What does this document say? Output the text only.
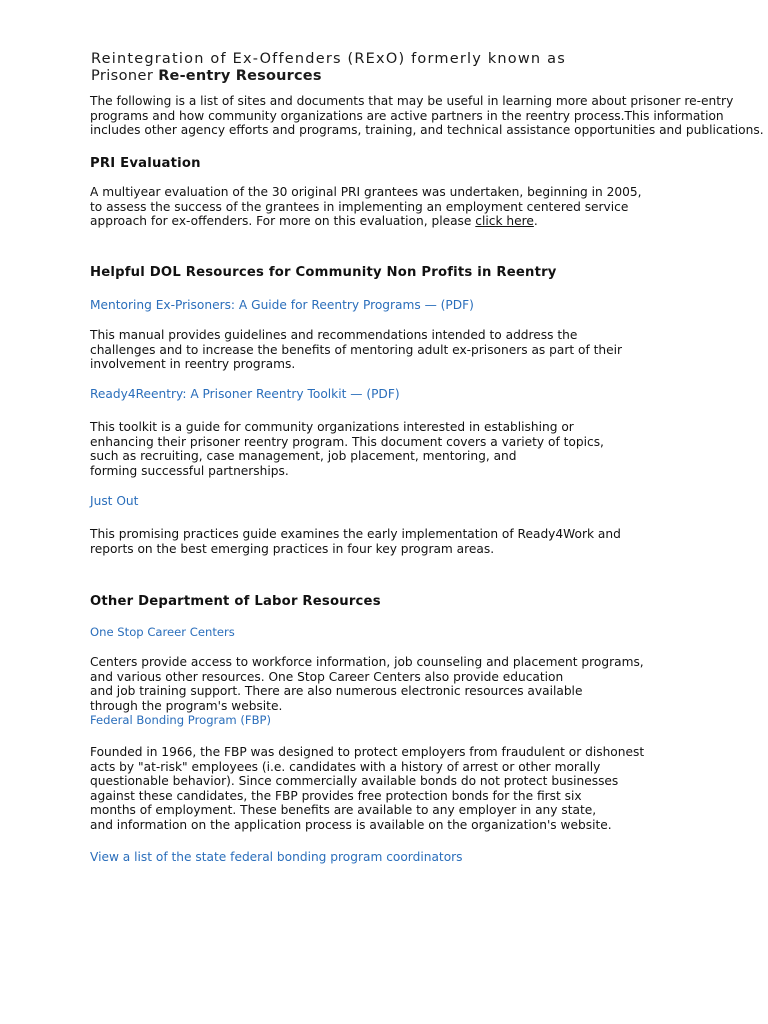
Reintegration of Ex-Offenders (RExO) formerly known as
Prisoner Re-entry Resources
The following is a list of sites and documents that may be useful in learning more about prisoner re-entry
programs and how community organizations are active partners in the reentry process.This information
includes other agency efforts and programs, training, and technical assistance opportunities and publications.
PRI Evaluation
A multiyear evaluation of the 30 original PRI grantees was undertaken, beginning in 2005,
to assess the success of the grantees in implementing an employment centered service
approach for ex-offenders. For more on this evaluation, please click here.
Helpful DOL Resources for Community Non Profits in Reentry
Mentoring Ex-Prisoners: A Guide for Reentry Programs — (PDF)
This manual provides guidelines and recommendations intended to address the
challenges and to increase the benefits of mentoring adult ex-prisoners as part of their
involvement in reentry programs.
Ready4Reentry: A Prisoner Reentry Toolkit — (PDF)
This toolkit is a guide for community organizations interested in establishing or
enhancing their prisoner reentry program. This document covers a variety of topics,
such as recruiting, case management, job placement, mentoring, and
forming successful partnerships.
Just Out
This promising practices guide examines the early implementation of Ready4Work and
reports on the best emerging practices in four key program areas.
Other Department of Labor Resources
One Stop Career Centers
Centers provide access to workforce information, job counseling and placement programs,
and various other resources. One Stop Career Centers also provide education
and job training support. There are also numerous electronic resources available
through the program's website.
Federal Bonding Program (FBP)
Founded in 1966, the FBP was designed to protect employers from fraudulent or dishonest
acts by "at-risk" employees (i.e. candidates with a history of arrest or other morally
questionable behavior). Since commercially available bonds do not protect businesses
against these candidates, the FBP provides free protection bonds for the first six
months of employment. These benefits are available to any employer in any state,
and information on the application process is available on the organization's website.
View a list of the state federal bonding program coordinators
